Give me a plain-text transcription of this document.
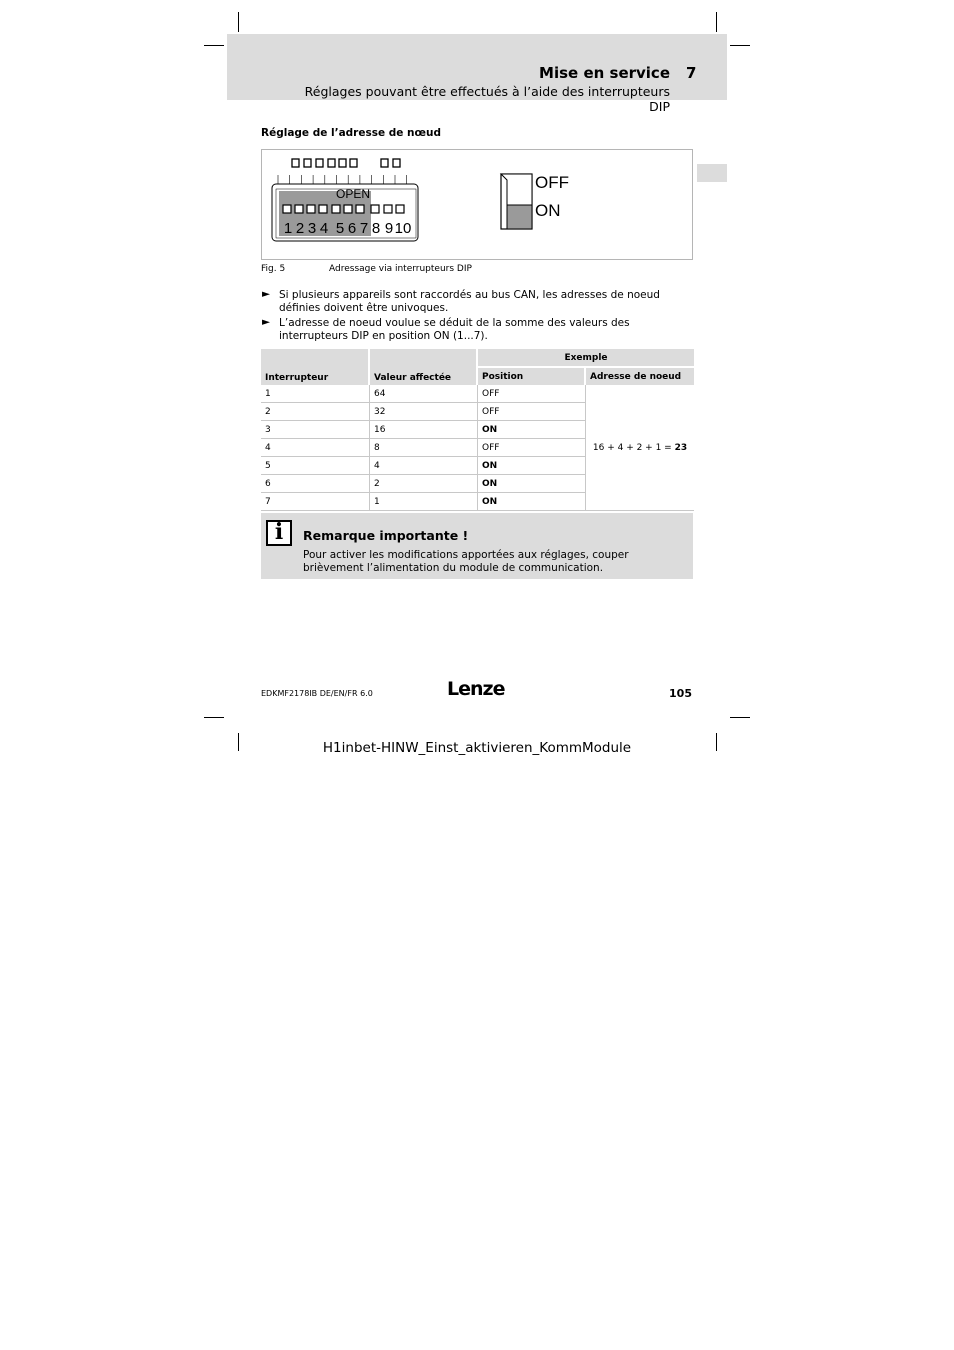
Mise en service 7
Réglages pouvant être effectués à l’aide des interrupteurs DIP
Réglage de l’adresse de nœud
OPEN
1 2 3 4 5 6 7 8 9 10
OFF
ON
Fig. 5	Adressage via interrupteurs DIP
► Si plusieurs appareils sont raccordés au bus CAN, les adresses de noeud définies doivent être univoques.
► L’adresse de noeud voulue se déduit de la somme des valeurs des interrupteurs DIP en position ON (1...7).
Interrupteur	Valeur affectée	Exemple	
		Position	Adresse de noeud
1	64	OFF	16 + 4 + 2 + 1 = 23
2	32	OFF	
3	16	ON	
4	8	OFF	
5	4	ON	
6	2	ON	
7	1	ON	
i	Remarque importante !
Pour activer les modifications apportées aux réglages, couper brièvement l’alimentation du module de communication.
EDKMF2178IB DE/EN/FR 6.0	Lenze	105
H1inbet-HINW_Einst_aktivieren_KommModule
